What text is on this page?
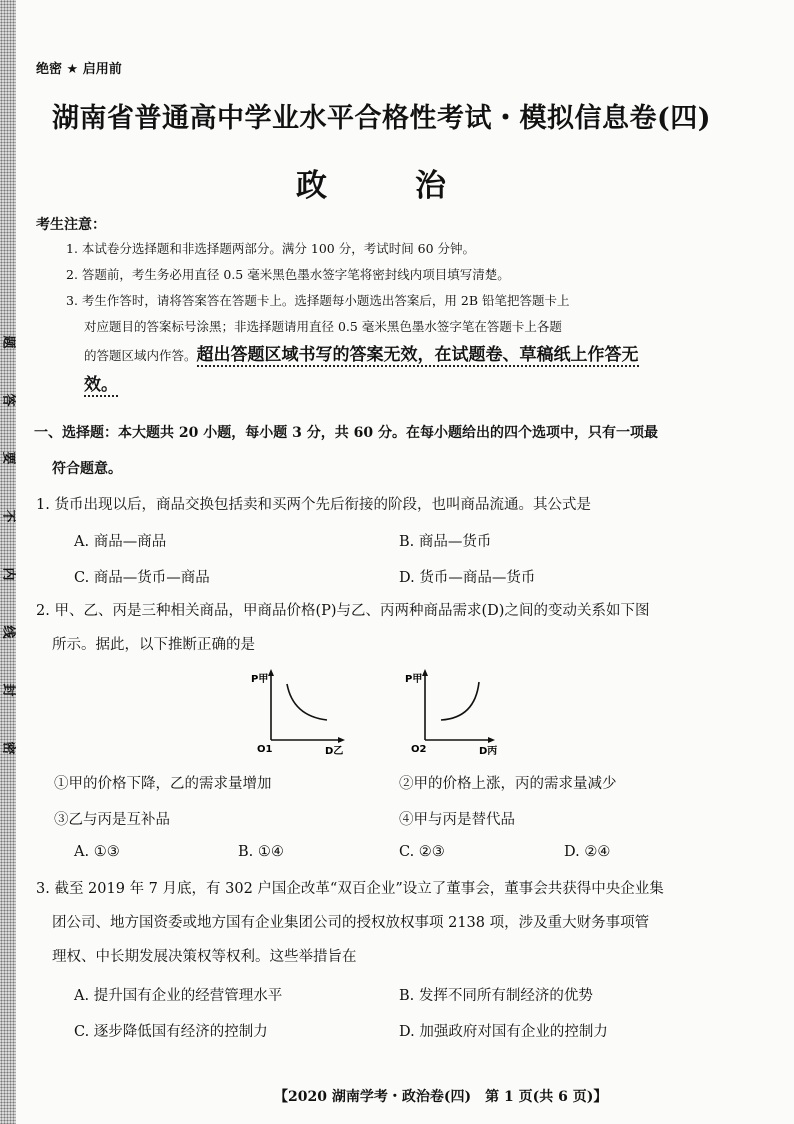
题
答
要
不
内
线
封
密
绝密 ★ 启用前
湖南省普通高中学业水平合格性考试・模拟信息卷(四)
政	治
考生注意：
1. 本试卷分选择题和非选择题两部分。满分 100 分，考试时间 60 分钟。
2. 答题前，考生务必用直径 0.5 毫米黑色墨水签字笔将密封线内项目填写清楚。
3. 考生作答时，请将答案答在答题卡上。选择题每小题选出答案后，用 2B 铅笔把答题卡上
对应题目的答案标号涂黑；非选择题请用直径 0.5 毫米黑色墨水签字笔在答题卡上各题
的答题区域内作答。超出答题区域书写的答案无效，在试题卷、草稿纸上作答无
效。
一、选择题：本大题共 20 小题，每小题 3 分，共 60 分。在每小题给出的四个选项中，只有一项最
符合题意。
1. 货币出现以后，商品交换包括卖和买两个先后衔接的阶段，也叫商品流通。其公式是
A. 商品—商品	B. 商品—货币
C. 商品—货币—商品	D. 货币—商品—货币
2. 甲、乙、丙是三种相关商品，甲商品价格(P)与乙、丙两种商品需求(D)之间的变动关系如下图
所示。据此，以下推断正确的是
P甲
O1	D乙
P甲
O2	D丙
①甲的价格下降，乙的需求量增加	②甲的价格上涨，丙的需求量减少
③乙与丙是互补品	④甲与丙是替代品
A. ①③	B. ①④	C. ②③	D. ②④
3. 截至 2019 年 7 月底，有 302 户国企改革“双百企业”设立了董事会，董事会共获得中央企业集
团公司、地方国资委或地方国有企业集团公司的授权放权事项 2138 项，涉及重大财务事项管
理权、中长期发展决策权等权利。这些举措旨在
A. 提升国有企业的经营管理水平	B. 发挥不同所有制经济的优势
C. 逐步降低国有经济的控制力	D. 加强政府对国有企业的控制力
【2020 湖南学考・政治卷(四)　第 1 页(共 6 页)】
